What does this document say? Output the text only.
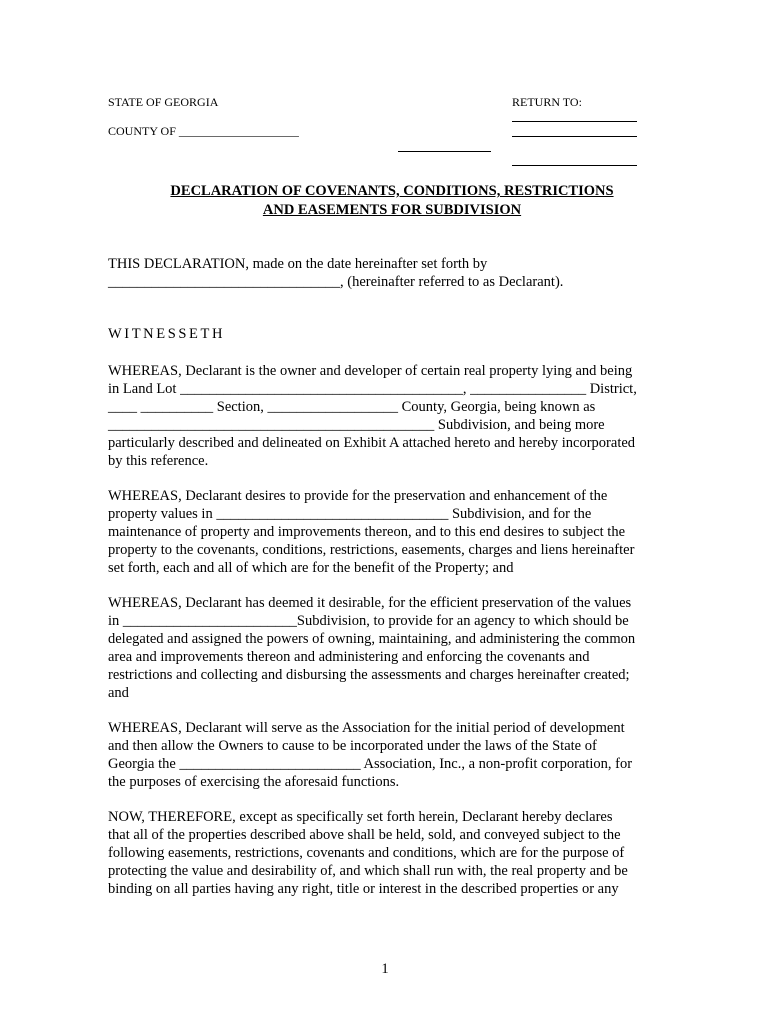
STATE OF GEORGIA
COUNTY OF ____________________
RETURN TO:
DECLARATION OF COVENANTS, CONDITIONS, RESTRICTIONS
AND EASEMENTS FOR SUBDIVISION
THIS DECLARATION, made on the date hereinafter set forth by
________________________________, (hereinafter referred to as Declarant).
WITNESSETH
WHEREAS, Declarant is the owner and developer of certain real property lying and being
in Land Lot _______________________________________, ________________ District,
____ __________ Section, __________________ County, Georgia, being known as
_____________________________________________ Subdivision, and being more
particularly described and delineated on Exhibit A attached hereto and hereby incorporated
by this reference.
WHEREAS, Declarant desires to provide for the preservation and enhancement of the
property values in ________________________________ Subdivision, and for the
maintenance of property and improvements thereon, and to this end desires to subject the
property to the covenants, conditions, restrictions, easements, charges and liens hereinafter
set forth, each and all of which are for the benefit of the Property; and
WHEREAS, Declarant has deemed it desirable, for the efficient preservation of the values
in ________________________Subdivision, to provide for an agency to which should be
delegated and assigned the powers of owning, maintaining, and administering the common
area and improvements thereon and administering and enforcing the covenants and
restrictions and collecting and disbursing the assessments and charges hereinafter created;
and
WHEREAS, Declarant will serve as the Association for the initial period of development
and then allow the Owners to cause to be incorporated under the laws of the State of
Georgia the _________________________ Association, Inc., a non-profit corporation, for
the purposes of exercising the aforesaid functions.
NOW, THEREFORE, except as specifically set forth herein, Declarant hereby declares
that all of the properties described above shall be held, sold, and conveyed subject to the
following easements, restrictions, covenants and conditions, which are for the purpose of
protecting the value and desirability of, and which shall run with, the real property and be
binding on all parties having any right, title or interest in the described properties or any
1
